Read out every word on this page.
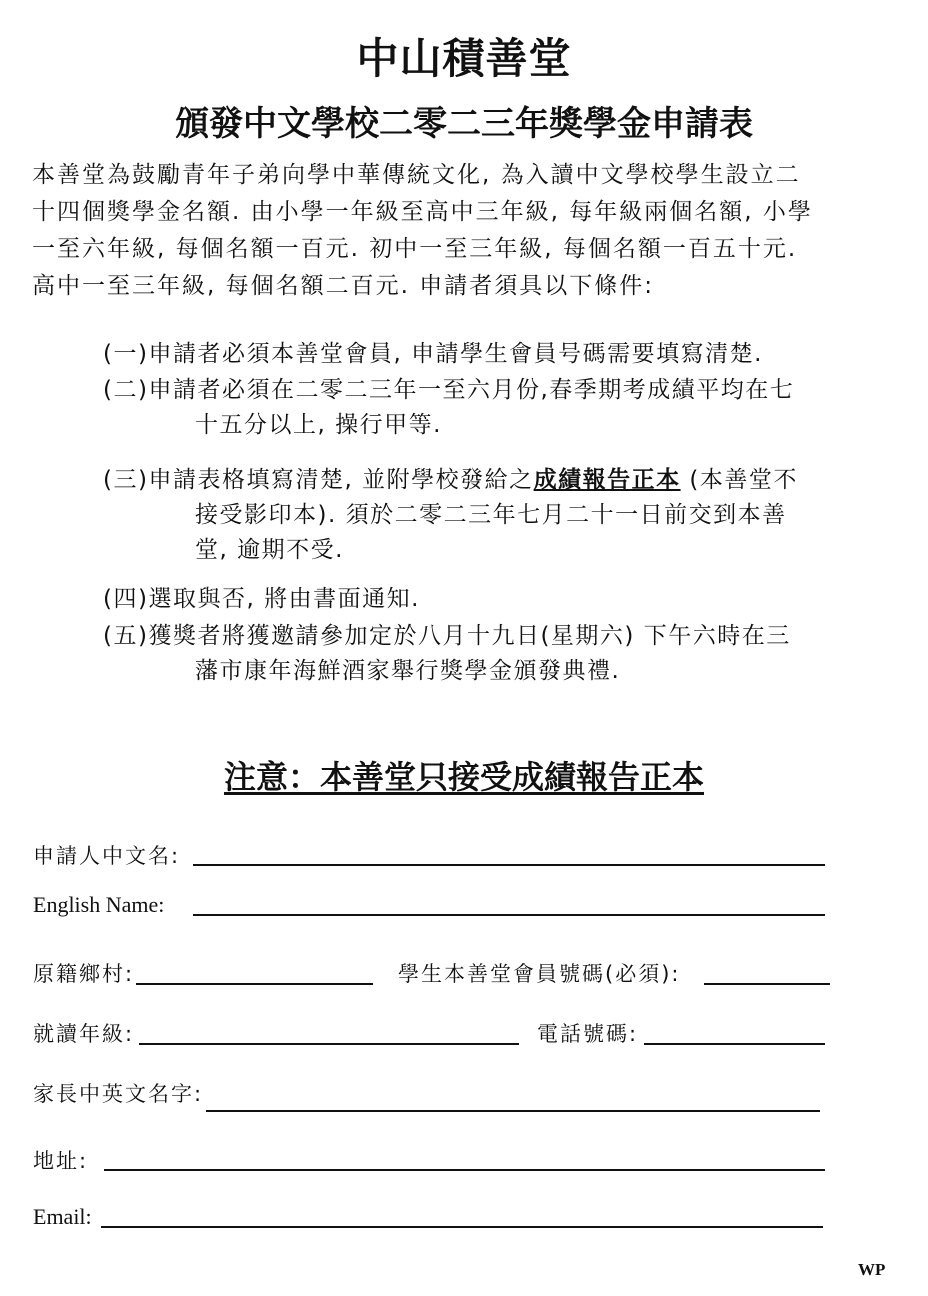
中山積善堂
頒發中文學校二零二三年獎學金申請表

本善堂為鼓勵青年子弟向學中華傳統文化, 為入讀中文學校學生設立二

十四個獎學金名額. 由小學一年級至高中三年級, 每年級兩個名額, 小學

一至六年級, 每個名額一百元. 初中一至三年級, 每個名額一百五十元.

高中一至三年級, 每個名額二百元. 申請者須具以下條件:

(一)申請者必須本善堂會員, 申請學生會員号碼需要填寫清楚.
(二)申請者必須在二零二三年一至六月份,春季期考成績平均在七
十五分以上, 操行甲等.
(三)申請表格填寫清楚, 並附學校發給之成績報告正本 (本善堂不
接受影印本). 須於二零二三年七月二十一日前交到本善
堂, 逾期不受.
(四)選取與否, 將由書面通知.
(五)獲獎者將獲邀請參加定於八月十九日(星期六) 下午六時在三
藩市康年海鮮酒家舉行獎學金頒發典禮.
注意：本善堂只接受成績報告正本
申請人中文名:
English Name:
原籍鄉村:	學生本善堂會員號碼(必須):
就讀年級:	電話號碼:
家長中英文名字:
地址:
Email:
WP
